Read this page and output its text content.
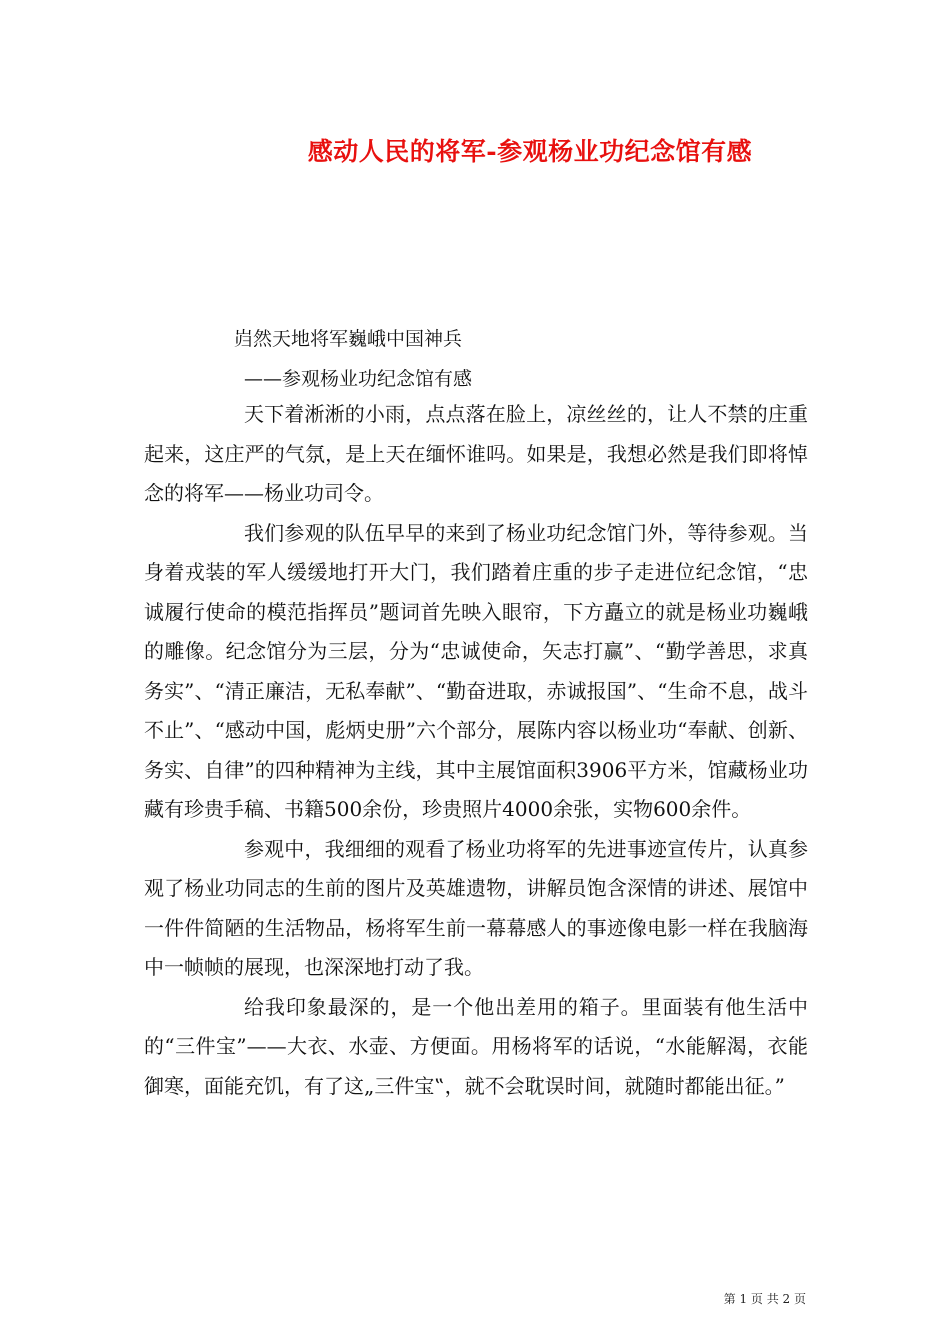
感动人民的将军-参观杨业功纪念馆有感
岿然天地将军巍峨中国神兵
——参观杨业功纪念馆有感

天下着淅淅的小雨，点点落在脸上，凉丝丝的，让人不禁的庄重起来，这庄严的气氛，是上天在缅怀谁吗。如果是，我想必然是我们即将悼念的将军——杨业功司令。

我们参观的队伍早早的来到了杨业功纪念馆门外，等待参观。当身着戎装的军人缓缓地打开大门，我们踏着庄重的步子走进位纪念馆，“忠诚履行使命的模范指挥员”题词首先映入眼帘，下方矗立的就是杨业功巍峨的雕像。纪念馆分为三层，分为“忠诚使命，矢志打赢”、“勤学善思，求真务实”、“清正廉洁，无私奉献”、“勤奋进取，赤诚报国”、“生命不息，战斗不止”、“感动中国，彪炳史册”六个部分，展陈内容以杨业功“奉献、创新、务实、自律”的四种精神为主线，其中主展馆面积3906平方米，馆藏杨业功藏有珍贵手稿、书籍500余份，珍贵照片4000余张，实物600余件。

参观中，我细细的观看了杨业功将军的先进事迹宣传片，认真参观了杨业功同志的生前的图片及英雄遗物，讲解员饱含深情的讲述、展馆中一件件简陋的生活物品，杨将军生前一幕幕感人的事迹像电影一样在我脑海中一帧帧的展现，也深深地打动了我。

给我印象最深的，是一个他出差用的箱子。里面装有他生活中的“三件宝”——大衣、水壶、方便面。用杨将军的话说，“水能解渴，衣能御寒，面能充饥，有了这„三件宝‟，就不会耽误时间，就随时都能出征。”

第 1 页 共 2 页
